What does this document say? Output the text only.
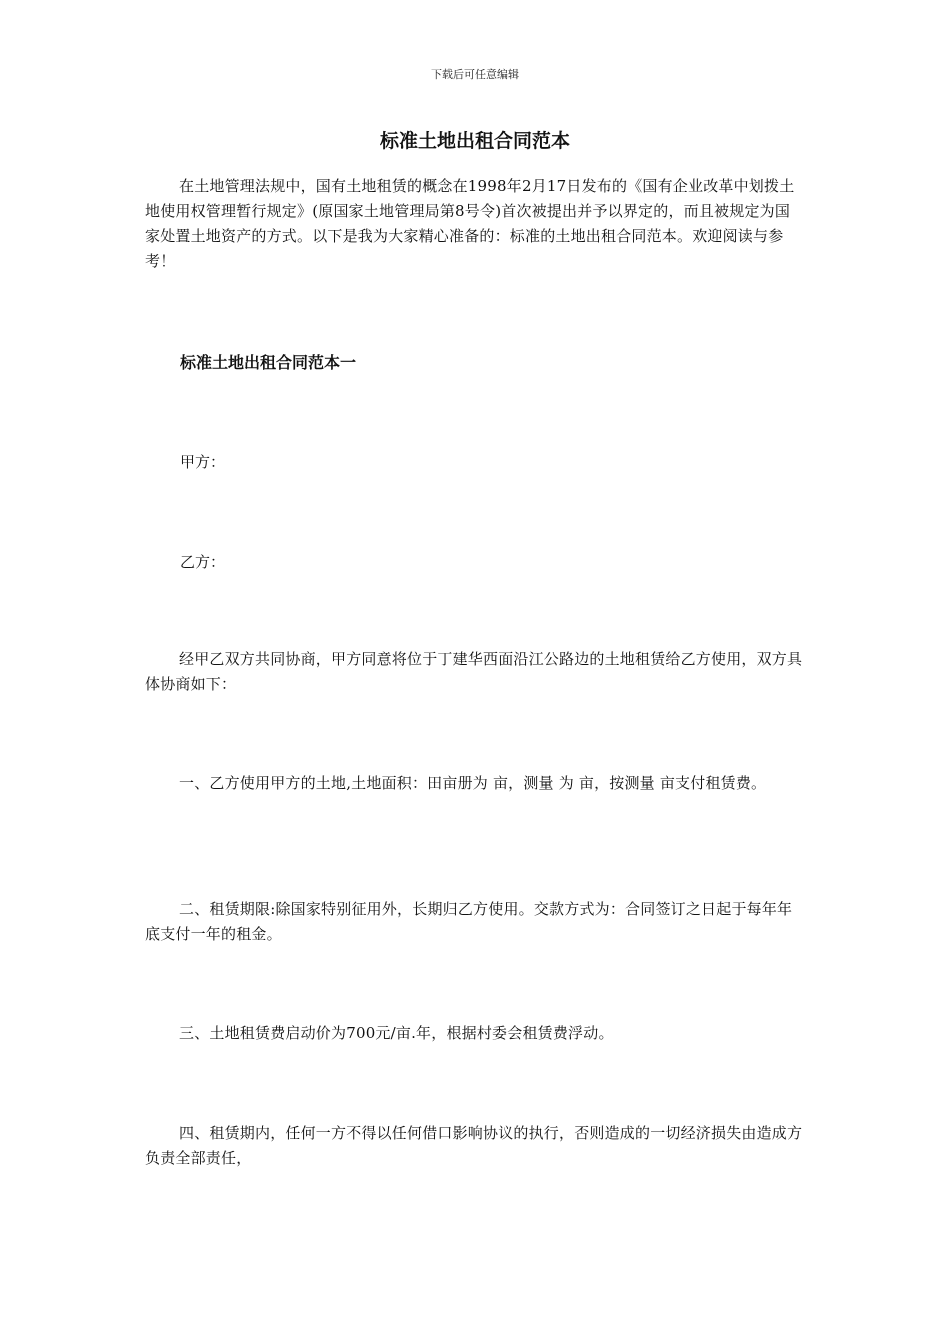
下载后可任意编辑
标准土地出租合同范本

在土地管理法规中，国有土地租赁的概念在1998年2月17日发布的《国有企业改革中划拨土地使用权管理暂行规定》(原国家土地管理局第8号令)首次被提出并予以界定的，而且被规定为国家处置土地资产的方式。以下是我为大家精心准备的：标准的土地出租合同范本。欢迎阅读与参考！

标准土地出租合同范本一
甲方：
乙方：

经甲乙双方共同协商，甲方同意将位于丁建华西面沿江公路边的土地租赁给乙方使用，双方具体协商如下：

一、乙方使用甲方的土地,土地面积：田亩册为 亩，测量 为 亩，按测量 亩支付租赁费。

二、租赁期限:除国家特别征用外，长期归乙方使用。交款方式为：合同签订之日起于每年年底支付一年的租金。

三、土地租赁费启动价为700元/亩.年，根据村委会租赁费浮动。

四、租赁期内，任何一方不得以任何借口影响协议的执行，否则造成的一切经济损失由造成方负责全部责任，
